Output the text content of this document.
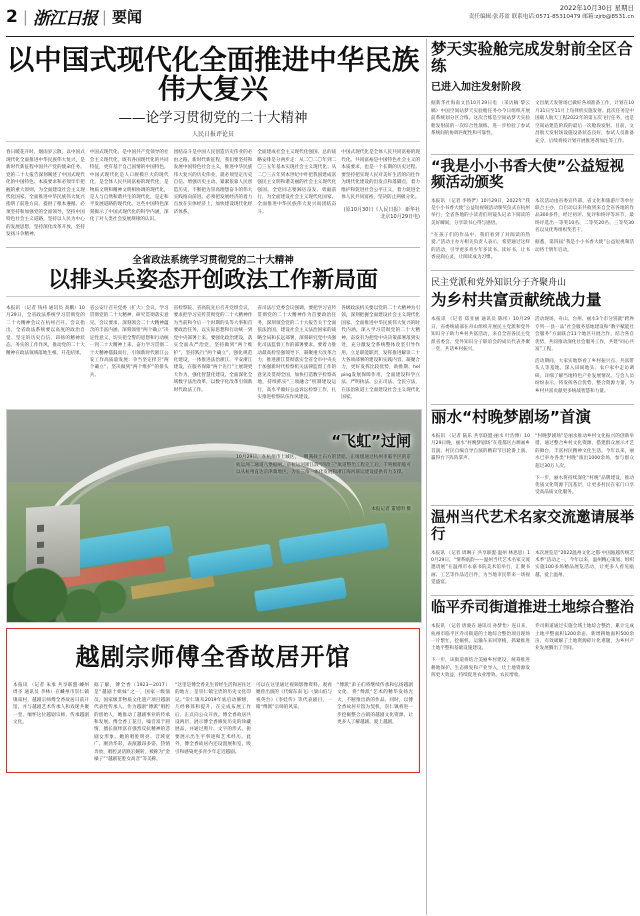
2 | 浙江日报 | 要闻	2022年10月30日 星期日
责任编辑:张苏盈 联系电话:0571-85310479 邮箱:zjrb@8531.cn
以中国式现代化全面推进中华民族伟大复兴
——论学习贯彻党的二十大精神
人民日报评论员

春日暖花开时，烟雨岁云散，以中国式现代化全面推进中华民族伟大复兴，是新时代新征程中国共产党的使命任务。党的二十大报告深刻阐述了中国式现代化的中国特色、本质要求和必须牢牢把握的重大原则，为全面建设社会主义现代化国家、全面推进中华民族伟大复兴指明了前进方向、提供了根本遵循。必须坚持和加强党的全面领导，坚持中国特色社会主义道路，坚持以人民为中心的发展思想，坚持深化改革开放，坚持发扬斗争精神。

中国式现代化，是中国共产党领导的社会主义现代化，既有各国现代化的共同特征，更有基于自己国情的中国特色。中国式现代化是人口规模巨大的现代化，是全体人民共同富裕的现代化，是物质文明和精神文明相协调的现代化，是人与自然和谐共生的现代化，是走和平发展道路的现代化。这些中国特色深刻揭示了中国式现代化的科学内涵，深化了对人类社会发展规律的认识。

团结奋斗是中国人民创造历史伟业的必由之路。新时代新征程，我们要坚持和发展中国特色社会主义，推进中华民族伟大复兴的历史伟业，就必须坚定历史自信、增强历史主动，紧紧依靠人民创造历史，不断把为崇高理想奋斗的伟大实践推向前进。必须把发展经济的着力点放在实体经济上，加快建设现代化经济体系。

全面建成社会主义现代化强国，总的战略安排是分两步走：从二〇二〇年到二〇三五年基本实现社会主义现代化；从二〇三五年到本世纪中叶把我国建成富强民主文明和谐美丽的社会主义现代化强国。全党同志要踔厉奋发、勇毅前行，为全面建设社会主义现代化国家、全面推进中华民族伟大复兴而团结奋斗。

中国式现代化是全体人民共同富裕的现代化。共同富裕是中国特色社会主义的本质要求，也是一个长期的历史过程。要坚持把实现人民对美好生活的向往作为现代化建设的出发点和落脚点，着力维护和促进社会公平正义，着力促进全体人民共同富裕，坚决防止两极分化。

(原10月30日《人民日报》 新华社北京10月29日电)
全省政法系统学习贯彻党的二十大精神
以排头兵姿态开创政法工作新局面

本报讯 （记者 钱祎 通讯员 高鹏）10月29日，全省政法系统学习贯彻党的二十大精神会议在杭州召开。会议指出，全省政法系统要以高度的政治自觉、坚定的历史自信、昂扬的精神状态、务实的工作作风，推动党的二十大精神在政法领域落地生根、开花结果。

省公安厅召开党委（扩大）会议，学习贯彻党的二十大精神，研究贯彻落实意见。会议要求，深刻领会二十大精神蕴含的丰富内涵、深刻领悟“两个确立”决定性意义，切实把全警的思想和行动统一到二十大精神上来，奋力学习贯彻二十大精神擂鼓而行，引领新时代浙江公安工作高质量发展；争当坚定捍卫“两个确立”、坚决做到“两个维护”的排头兵。

省检察院、省高院先后召开党组会议，要求把学习宣传贯彻党的二十大精神作为当前和今后一个时期的头等大事和首要政治任务，以实际思想和行动统一到党中央部署上来。要强化政治建设，落实全面从严治党，坚持做到“两个维护”，坚持践行“两个确立”，强化规范化建设，一体推进法治浙江、平安浙江建设，在服务保障“两个先行”上展现更大作为，强化智慧化建设，全面深化全域数字法治改革，以数字化改革引领新时代政法工作。

省司法厅党委会议强调，要把学习宣传贯彻党的二十大精神作为首要政治任务，深刻领会党的二十大报告关于全面依法治国、建设社会主义法治国家的战略全局和长远部署，深刻研究党中央强化司法监督工作的部署要求。要着力推动最高检坚强领导下，凝聚重大改革合力，推进浙江贯彻落实全省全市中央关于加强新时代检察机关法律监督工作的意见及贯彻全国，加快打造数字检察高地，持续抓实“三项融合”机制建设运行，高水平做好公益诉讼检察工作，扎实推进检察队伍作风建设。

各级政法机关要以党的二十大精神为引领，深刻把握全面建设社会主义现代化国家、全面推进中华民族伟大复兴的时代内涵，深入学习贯彻党的二十大精神，奋发有为把党中央决策部署落到实处，充分激发全系统整体攻坚引导作用，立足职能职责，发挥推进解读二十大各项部署的建设和实践内容，凝聚合力，更好发挥比较优势，助推期、helping发展保障作用，全面建设科学立法、严明执法、公正司法、全民守法，在法治轨道上全面建设社会主义现代化国家。

“飞虹”过闸
10月29日，在杭州市上城区，一艘满载土石方的货船，正缓缓通过杭州市临平区的京杭运河二通道八堡船闸。京杭运河浙江段“四改三”航道整治工程完工后，千吨级船舶可以从杭州直达京津冀地区，为长三角一体化发展和浙江海河联运建设提供有力支撑。
本报记者 董旭明 摄
越剧宗师傅全香故居开馆

本报讯 （记者 朱承 共享联盟·嵊州 周圣 通讯员 李林）在嵊州市崇仁镇镇南村，越剧宗师傅全香故居日前开馆，并与越剧艺术传承人和戏迷共聚一堂，缅怀这位越剧宗师，传承越剧文化。

据了解，傅全香（1923—2017）是“越剧十姐妹”之一，国家一级演员，国家级非物质文化遗产项目越剧代表性传承人。作为越剧“傅派”唱腔的创始人，她推动了越剧事业的传承和发展。傅全香工花旦，嗓音富于圆情，擅长演绎富有强烈反抗精神的悲剧女形象。她的唱腔明亮、音域宽广、刚劲华彩，表演激昂多姿、热情奔放，唱腔灵活跌宕婉转，被称为“金嗓子”“越剧花腔女高音”等美称。

“这里是傅全香先生曾经生活和居住过的地方，是崇仁镇宝贵的历史文化印记。”崇仁镇从2019年底启动修缮，几经修葺和提升，在完成布展工作后，正式向公众开放。傅全香故居共设两层，展示傅全香修复历史的珍藏展品，并通过照片、文字的形式，扼要展示出生平事迹和艺术经历。此外，傅全香故居内还设置展和室，吸引和感染更多青少年走近越剧。

可以在这里通过视频影像资料，观看她曾出演的《代嫁东南飞》《梁山伯与祝英台》《李娃传》等代表剧目，一睹“傅派”宗师的风采。

“傅派”弟子们将继续传承和弘扬越剧文化，将“傅派”艺术的精华发扬光大，不断推出新的作品。同时，以傅全香故居开馆为契机，崇仁镇将进一步挖掘整合古镇的越剧文化资源，让更多人了解越剧、爱上越剧。

梦天实验舱完成发射前全区合练
已进入加注发射阶段

据新华社海南文昌10月29日电 （采访稿 黎云稿）中国空间站梦天实验舱任务办今日组织开展前系统划分区合练。这次合练是空间站梦天实验舱发射前的一次综合性演练，进一步检验了参试系统间的协调匹配性和可靠性。

文昌航天发射场已做好各项准备工作，计划在10月31日至11月上旬择机实施发射。此次任务是中国载人航天工程2022年的第五次飞行任务，也是空间站建造阶段的最后一次舱段发射。目前，文昌航天发射场设施设备状态良好，参试人员准备充分，后续将按计划开展推进剂加注等工作。

“我是小小书香大使”公益短视频活动颁奖

本报讯 （记者 李娇俨）10月29日，2022年“我是小小书香大使”公益短视频活动颁奖仪式在杭州举行，全省各地的小读者们用镜头记录下阅读的美好瞬间，分享读书心得与感悟。

“在孩子们的作品中，我们看到了对阅读的热爱。”活动主办方相关负责人表示，希望通过这样的活动，引导更多青少年多读书、读好书，让书香浸润心灵，让阅读成为习惯。

本次活动由省委宣传部、省文化和旅游厅等单位联合主办，自启动以来共收到来自全省各地的作品300多件，经过初评、复评和终评等环节，最终评选出一等奖10名、二等奖20名、三等奖30名以及优秀组织奖若干。

据悉，第四届“我是小小书香大使”公益短视频活动将于明年启动。

民主党派和党外知识分子齐聚舟山
为乡村共富贡献统战力量

本报讯 （记者 郑亚丽 通讯员 陈彤）10月29日，省委统战部在舟山组织开展民主党派和党外知识分子助力乡村共富活动，来自全省各民主党派省委会、党外知识分子联谊会的成员代表齐聚一堂，共话乡村振兴。

活动现场，舟山、台州、丽水3个市分别就“跨界专列·一县一品”社会服务基地建设和“数字赋能社会服务”方面联合11个地区开展合作，结合各自优势，共同推动深化社会服务工作，共建“同心共富”工程。

活动期间，大家实地察看了乡村振兴点、共富带头人等基地，深入田间地头、农户家中走访调研，详细了解当地特色产业发展情况。与会人员纷纷表示，将发挥各自优势，整合资源力量，为乡村共富贡献更多统战智慧和力量。

丽水“村晚梦剧场”首演

本报讯 （记者 陆乐 共享联盟·丽水 叶浩博）10月29日晚，丽水“村晚梦剧场”在莲都区古堰画乡首演，村民自编自导自演的精彩节目轮番上演，赢得台下阵阵掌声。

“村晚梦剧场”是丽水推动乡村文化振兴的创新举措，通过整合乡村文化资源，搭建群众展示才艺的舞台，丰富村民精神文化生活。今年以来，丽水已举办各类“村晚”演出1000余场，参与群众超过30万人次。

下一步，丽水将持续深化“村晚”品牌建设，推动优质文化资源下沉基层，让更多村民在家门口享受高品质文化服务。

温州当代艺术名家交流邀请展举行

本报讯 （记者 周琳子 共享联盟·温州 林思思）10月29日，“情系瓯韵——温州当代艺术名家交流邀请展”在温州市永嘉书院美术馆举行，汇聚书画、工艺等作品近百件，为当地市民带来一场视觉盛宴。

本次展览是“2022温州文化之都·中国瓯越传统艺术季”活动之一，今年以来，温州精心策划、组织实施100多场精品展览活动，让更多人看见瓯越、爱上温州。

临平乔司街道推进土地综合整治

本报讯 （记者 唐骏垚 通讯员 孙梦怡）连日来，杭州市临平区乔司街道的土地综合整治项目现场一片繁忙，挖掘机、运输车来回穿梭，抓紧推进土地平整和基础设施建设。

下一步，该街道将结合美丽乡村建设，统筹推进耕地保护、生态修复和产业导入，让土地资源发挥更大效益，持续促进农业增效、农民增收。

乔司街道通过实施全域土地综合整治，累计完成土地平整面积1200余亩，新增耕地面积500余亩，有效破解了土地资源碎片化难题，为乡村产业发展腾出了空间。
